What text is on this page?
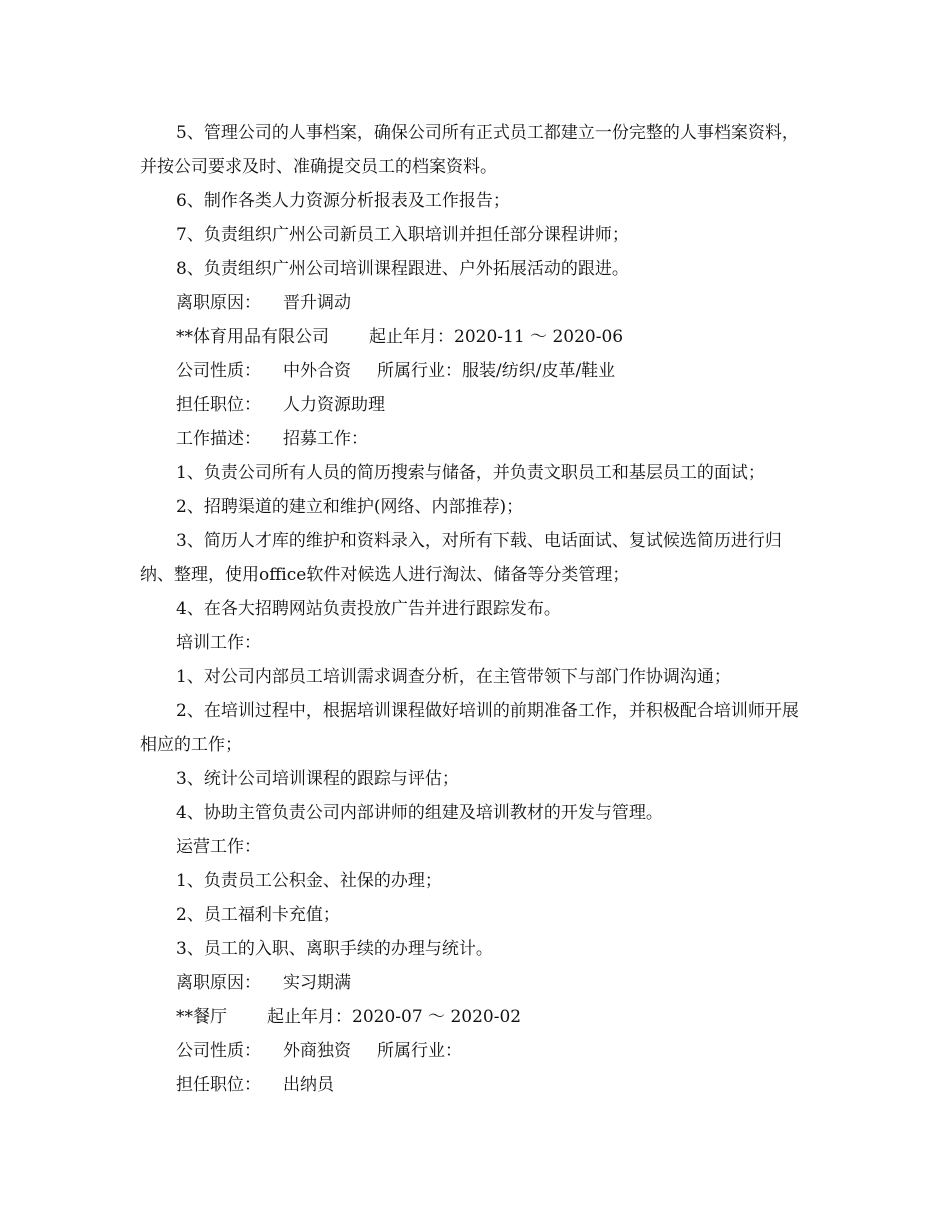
5、管理公司的人事档案，确保公司所有正式员工都建立一份完整的人事档案资料，并按公司要求及时、准确提交员工的档案资料。

6、制作各类人力资源分析报表及工作报告；

7、负责组织广州公司新员工入职培训并担任部分课程讲师；

8、负责组织广州公司培训课程跟进、户外拓展活动的跟进。

离职原因： 晋升调动
**体育用品有限公司 起止年月：2020-11 ～ 2020-06
公司性质： 中外合资 所属行业：服装/纺织/皮革/鞋业
担任职位： 人力资源助理
工作描述： 招募工作：

1、负责公司所有人员的简历搜索与储备，并负责文职员工和基层员工的面试；

2、招聘渠道的建立和维护(网络、内部推荐)；

3、简历人才库的维护和资料录入，对所有下载、电话面试、复试候选简历进行归纳、整理，使用office软件对候选人进行淘汰、储备等分类管理；

4、在各大招聘网站负责投放广告并进行跟踪发布。

培训工作：

1、对公司内部员工培训需求调查分析，在主管带领下与部门作协调沟通；

2、在培训过程中，根据培训课程做好培训的前期准备工作，并积极配合培训师开展相应的工作；

3、统计公司培训课程的跟踪与评估；

4、协助主管负责公司内部讲师的组建及培训教材的开发与管理。

运营工作：

1、负责员工公积金、社保的办理；

2、员工福利卡充值；

3、员工的入职、离职手续的办理与统计。

离职原因： 实习期满
**餐厅 起止年月：2020-07 ～ 2020-02
公司性质： 外商独资 所属行业：
担任职位： 出纳员
